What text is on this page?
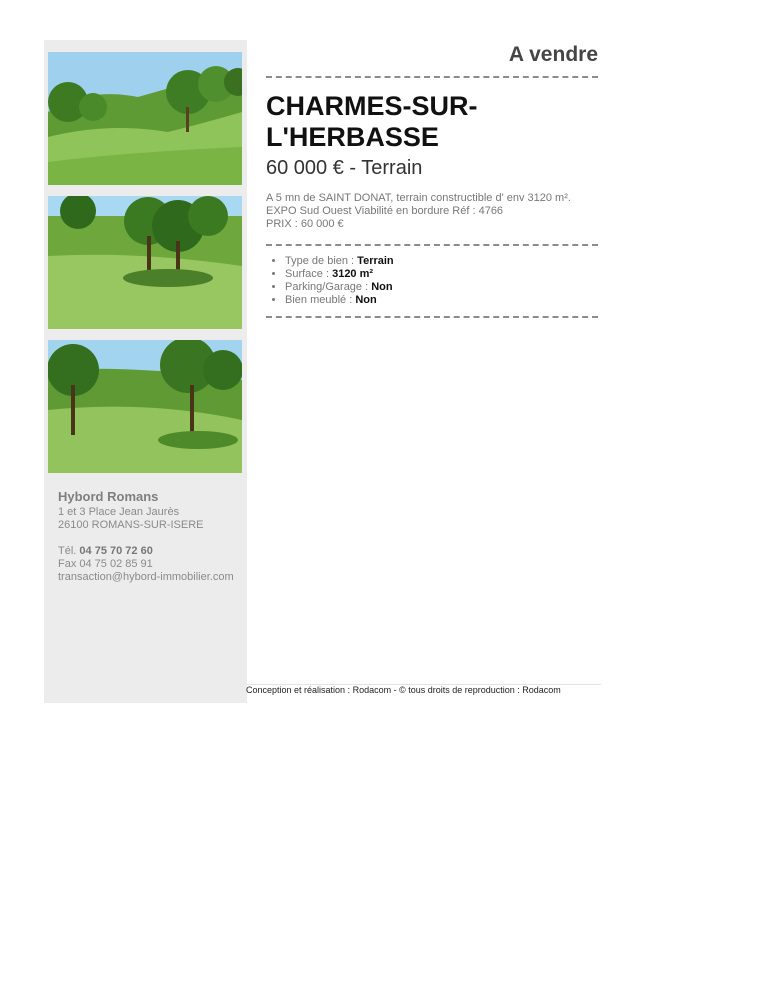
Hybord Romans
1 et 3 Place Jean Jaurès
26100 ROMANS-SUR-ISERE
Tél. 04 75 70 72 60
Fax 04 75 02 85 91
transaction@hybord-immobilier.com
A vendre
CHARMES-SUR-
L'HERBASSE
60 000 € - Terrain
A 5 mn de SAINT DONAT, terrain constructible d' env 3120 m².
EXPO Sud Ouest Viabilité en bordure Réf : 4766
PRIX : 60 000 €
• Type de bien : Terrain
• Surface : 3120 m²
• Parking/Garage : Non
• Bien meublé : Non
Conception et réalisation : Rodacom - © tous droits de reproduction : Rodacom
